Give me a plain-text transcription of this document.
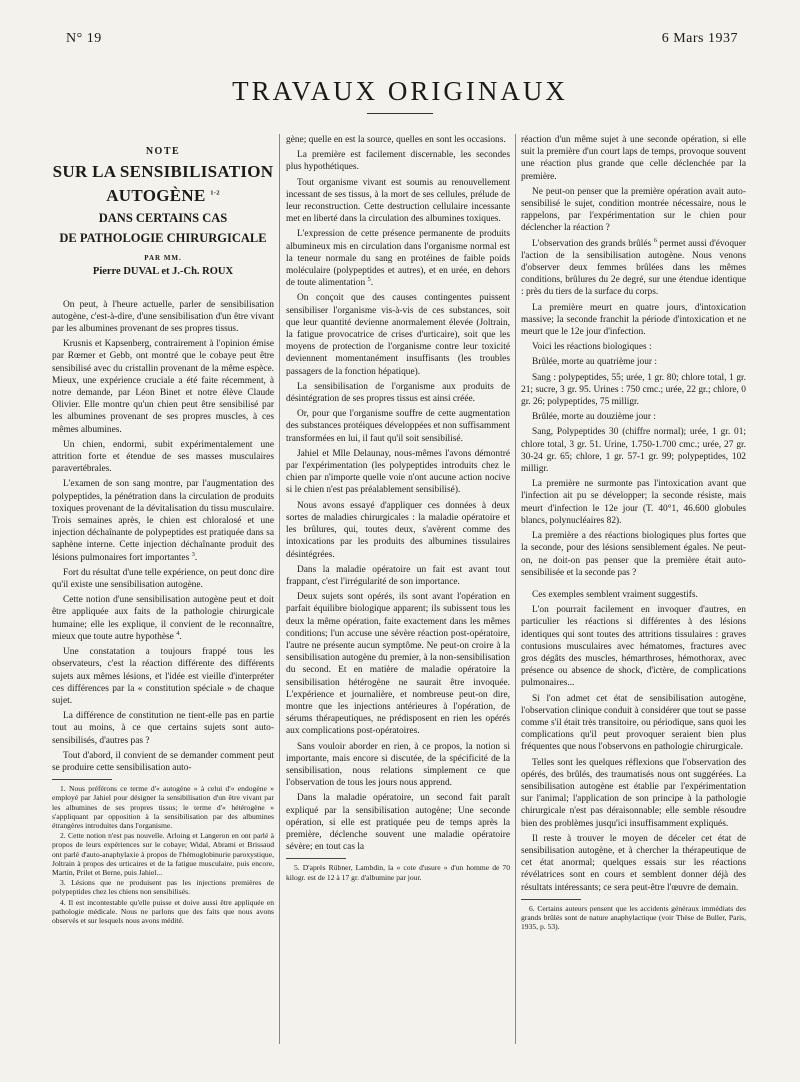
N° 19	6 Mars 1937
TRAVAUX ORIGINAUX
NOTE
SUR LA SENSIBILISATION
AUTOGÈNE $^{1-2}$
DANS CERTAINS CAS
DE PATHOLOGIE CHIRURGICALE
PAR MM.
Pierre DUVAL et J.-Ch. ROUX

On peut, à l'heure actuelle, parler de sensibilisation autogène, c'est-à-dire, d'une sensibilisation d'un être vivant par les albumines provenant de ses propres tissus.

Krusnis et Kapsenberg, contrairement à l'opinion émise par Rœmer et Gebb, ont montré que le cobaye peut être sensibilisé avec du cristallin provenant de la même espèce. Mieux, une expérience cruciale a été faite récemment, à notre demande, par Léon Binet et notre élève Claude Olivier. Elle montre qu'un chien peut être sensibilisé par les albumines provenant de ses propres muscles, à ces mêmes albumines.

Un chien, endormi, subit expérimentalement une attrition forte et étendue de ses masses musculaires paravertébrales.

L'examen de son sang montre, par l'augmentation des polypeptides, la pénétration dans la circulation de produits toxiques provenant de la dévitalisation du tissu musculaire. Trois semaines après, le chien est chloralosé et une injection déchaînante de polypeptides est pratiquée dans sa saphène interne. Cette injection déchaînante produit des lésions pulmonaires fort importantes $^3$.

Fort du résultat d'une telle expérience, on peut donc dire qu'il existe une sensibilisation autogène.

Cette notion d'une sensibilisation autogène peut et doit être appliquée aux faits de la pathologie chirurgicale humaine; elle les explique, il convient de le reconnaître, mieux que toute autre hypothèse $^4$.

Une constatation a toujours frappé tous les observateurs, c'est la réaction différente des différents sujets aux mêmes lésions, et l'idée est vieille d'interpréter ces différences par la « constitution spéciale » de chaque sujet.

La différence de constitution ne tient-elle pas en partie tout au moins, à ce que certains sujets sont auto-sensibilisés, d'autres pas ?

Tout d'abord, il convient de se demander comment peut se produire cette sensibilisation auto-

1. Nous préférons ce terme d'« autogène » à celui d'« endogène » employé par Jahiel pour désigner la sensibilisation d'un être vivant par les albumines de ses propres tissus; le terme d'« hétérogène » s'appliquant par opposition à la sensibilisation par des albumines étrangères introduites dans l'organisme.

2. Cette notion n'est pas nouvelle. Arloing et Langeron en ont parlé à propos de leurs expériences sur le cobaye; Widal, Abrami et Brissaud ont parlé d'auto-anaphylaxie à propos de l'hémoglobinurie paroxystique, Joltrain à propos des urticaires et de la fatigue musculaire, puis encore, Martin, Prilet et Berne, puis Jahiel...

3. Lésions que ne produisent pas les injections premières de polypeptides chez les chiens non sensibilisés.

4. Il est incontestable qu'elle puisse et doive aussi être appliquée en pathologie médicale. Nous ne parlons que des faits que nous avons observés et sur lesquels nous avons médité.

gène; quelle en est la source, quelles en sont les occasions.

La première est facilement discernable, les secondes plus hypothétiques.

Tout organisme vivant est soumis au renouvellement incessant de ses tissus, à la mort de ses cellules, prélude de leur reconstruction. Cette destruction cellulaire incessante met en liberté dans la circulation des albumines toxiques.

L'expression de cette présence permanente de produits albumineux mis en circulation dans l'organisme normal est la teneur normale du sang en protéines de faible poids moléculaire (polypeptides et autres), et en urée, en dehors de toute alimentation $^5$.

On conçoit que des causes contingentes puissent sensibiliser l'organisme vis-à-vis de ces substances, soit que leur quantité devienne anormalement élevée (Joltrain, la fatigue provocatrice de crises d'urticaire), soit que les moyens de protection de l'organisme contre leur toxicité deviennent momentanément insuffisants (les troubles passagers de la fonction hépatique).

La sensibilisation de l'organisme aux produits de désintégration de ses propres tissus est ainsi créée.

Or, pour que l'organisme souffre de cette augmentation des substances protéiques développées et non suffisamment transformées en lui, il faut qu'il soit sensibilisé.

Jahiel et Mlle Delaunay, nous-mêmes l'avons démontré par l'expérimentation (les polypeptides introduits chez le chien par n'importe quelle voie n'ont aucune action nocive si le chien n'est pas préalablement sensibilisé).

Nous avons essayé d'appliquer ces données à deux sortes de maladies chirurgicales : la maladie opératoire et les brûlures, qui, toutes deux, s'avèrent comme des intoxications par les produits des albumines tissulaires désintégrées.

Dans la maladie opératoire un fait est avant tout frappant, c'est l'irrégularité de son importance.

Deux sujets sont opérés, ils sont avant l'opération en parfait équilibre biologique apparent; ils subissent tous les deux la même opération, faite exactement dans les mêmes conditions; l'un accuse une sévère réaction post-opératoire, l'autre ne présente aucun symptôme. Ne peut-on croire à la sensibilisation autogène du premier, à la non-sensibilisation du second. Et en matière de maladie opératoire la sensibilisation hétérogène ne saurait être invoquée. L'expérience et journalière, et nombreuse peut-on dire, montre que les injections antérieures à l'opération, de sérums thérapeutiques, ne prédisposent en rien les opérés aux complications post-opératoires.

Sans vouloir aborder en rien, à ce propos, la notion si importante, mais encore si discutée, de la spécificité de la sensibilisation, nous relations simplement ce que l'observation de tous les jours nous apprend.

Dans la maladie opératoire, un second fait paraît expliqué par la sensibilisation autogène; Une seconde opération, si elle est pratiquée peu de temps après la première, déclenche souvent une maladie opératoire sévère; en tout cas la

5. D'après Rübner, Lambdin, la « cote d'usure » d'un homme de 70 kilogr. est de 12 à 17 gr. d'albumine par jour.

réaction d'un même sujet à une seconde opération, si elle suit la première d'un court laps de temps, provoque souvent une réaction plus grande que celle déclenchée par la première.

Ne peut-on penser que la première opération avait auto-sensibilisé le sujet, condition montrée nécessaire, nous le rappelons, par l'expérimentation sur le chien pour déclencher la réaction ?

L'observation des grands brûlés $^6$ permet aussi d'évoquer l'action de la sensibilisation autogène. Nous venons d'observer deux femmes brûlées dans les mêmes conditions, brûlures du 2e degré, sur une étendue identique : près du tiers de la surface du corps.

La première meurt en quatre jours, d'intoxication massive; la seconde franchit la période d'intoxication et ne meurt que le 12e jour d'infection.

Voici les réactions biologiques :

Brûlée, morte au quatrième jour :

Sang : polypeptides, 55; urée, 1 gr. 80; chlore total, 1 gr. 21; sucre, 3 gr. 95. Urines : 750 cmc.; urée, 22 gr.; chlore, 0 gr. 26; polypeptides, 75 milligr.

Brûlée, morte au douzième jour :

Sang, Polypeptides 30 (chiffre normal); urée, 1 gr. 01; chlore total, 3 gr. 51. Urine, 1.750-1.700 cmc.; urée, 27 gr. 30-24 gr. 65; chlore, 1 gr. 57-1 gr. 99; polypeptides, 102 milligr.

La première ne surmonte pas l'intoxication avant que l'infection ait pu se développer; la seconde résiste, mais meurt d'infection le 12e jour (T. 40°1, 46.600 globules blancs, polynucléaires 82).

La première a des réactions biologiques plus fortes que la seconde, pour des lésions sensiblement égales. Ne peut-on, ne doit-on pas penser que la première était auto-sensibilisée et la seconde pas ?

Ces exemples semblent vraiment suggestifs.

L'on pourrait facilement en invoquer d'autres, en particulier les réactions si différentes à des lésions identiques qui sont toutes des attritions tissulaires : graves contusions musculaires avec hématomes, fractures avec gros dégâts des muscles, hémarthroses, hémothorax, avec présence ou absence de shock, d'ictère, de complications pulmonaires...

Si l'on admet cet état de sensibilisation autogène, l'observation clinique conduit à considérer que tout se passe comme s'il était très transitoire, ou périodique, sans quoi les complications qu'il peut provoquer seraient bien plus fréquentes que nous l'observons en pathologie chirurgicale.

Telles sont les quelques réflexions que l'observation des opérés, des brûlés, des traumatisés nous ont suggérées. La sensibilisation autogène est établie par l'expérimentation sur l'animal; l'application de son principe à la pathologie chirurgicale n'est pas déraisonnable; elle semble résoudre bien des problèmes jusqu'ici insuffisamment expliqués.

Il reste à trouver le moyen de déceler cet état de sensibilisation autogène, et à chercher la thérapeutique de cet état anormal; quelques essais sur les réactions révélatrices sont en cours et semblent donner déjà des résultats intéressants; ce sera peut-être l'œuvre de demain.

6. Certains auteurs pensent que les accidents généraux immédiats des grands brûlés sont de nature anaphylactique (voir Thèse de Buller, Paris, 1935, p. 53).
